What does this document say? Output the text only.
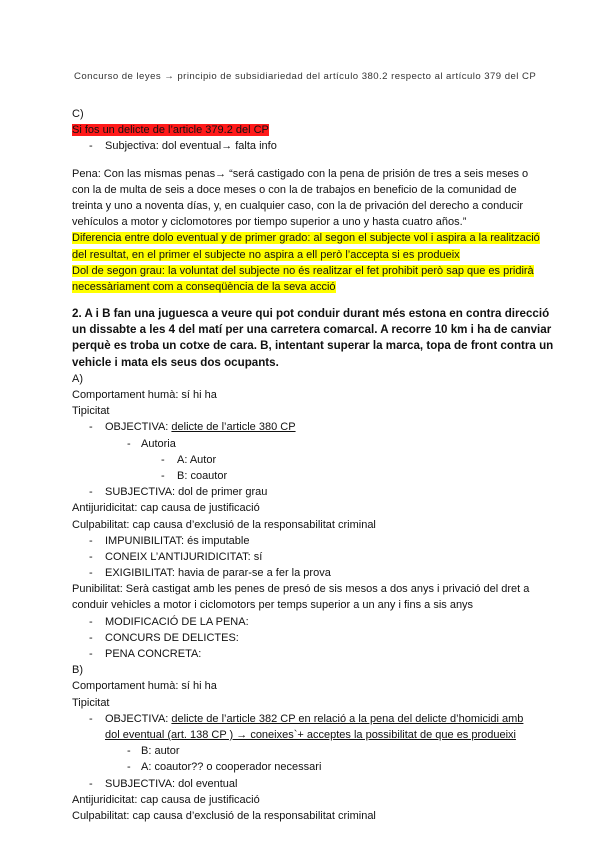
Concurso de leyes → principio de subsidiariedad del artículo 380.2 respecto al artículo 379 del CP
C)
Si fos un delicte de l’article 379.2 del CP
- Subjectiva: dol eventual→ falta info
Pena: Con las mismas penas→ “será castigado con la pena de prisión de tres a seis meses o
con la de multa de seis a doce meses o con la de trabajos en beneficio de la comunidad de
treinta y uno a noventa días, y, en cualquier caso, con la de privación del derecho a conducir
vehículos a motor y ciclomotores por tiempo superior a uno y hasta cuatro años.”
Diferencia entre dolo eventual y de primer grado: al segon el subjecte vol i aspira a la realització
del resultat, en el primer el subjecte no aspira a ell però l’accepta si es produeix
Dol de segon grau: la voluntat del subjecte no és realitzar el fet prohibit però sap que es pridirà
necessàriament com a conseqüència de la seva acció
2. A i B fan una juguesca a veure qui pot conduir durant més estona en contra direcció
un dissabte a les 4 del matí per una carretera comarcal. A recorre 10 km i ha de canviar
perquè es troba un cotxe de cara. B, intentant superar la marca, topa de front contra un
vehicle i mata els seus dos ocupants.
A)
Comportament humà: sí hi ha
Tipicitat
- OBJECTIVA: delicte de l’article 380 CP
- Autoria
- A: Autor
- B: coautor
- SUBJECTIVA: dol de primer grau
Antijuridicitat: cap causa de justificació
Culpabilitat: cap causa d’exclusió de la responsabilitat criminal
- IMPUNIBILITAT: és imputable
- CONEIX L’ANTIJURIDICITAT: sí
- EXIGIBILITAT: havia de parar-se a fer la prova
Punibilitat: Serà castigat amb les penes de presó de sis mesos a dos anys i privació del dret a
conduir vehicles a motor i ciclomotors per temps superior a un any i fins a sis anys
- MODIFICACIÓ DE LA PENA:
- CONCURS DE DELICTES:
- PENA CONCRETA:
B)
Comportament humà: sí hi ha
Tipicitat
- OBJECTIVA: delicte de l’article 382 CP en relació a la pena del delicte d’homicidi amb
dol eventual (art. 138 CP ) → coneixes`+ acceptes la possibilitat de que es produeixi
- B: autor
- A: coautor?? o cooperador necessari
- SUBJECTIVA: dol eventual
Antijuridicitat: cap causa de justificació
Culpabilitat: cap causa d’exclusió de la responsabilitat criminal
